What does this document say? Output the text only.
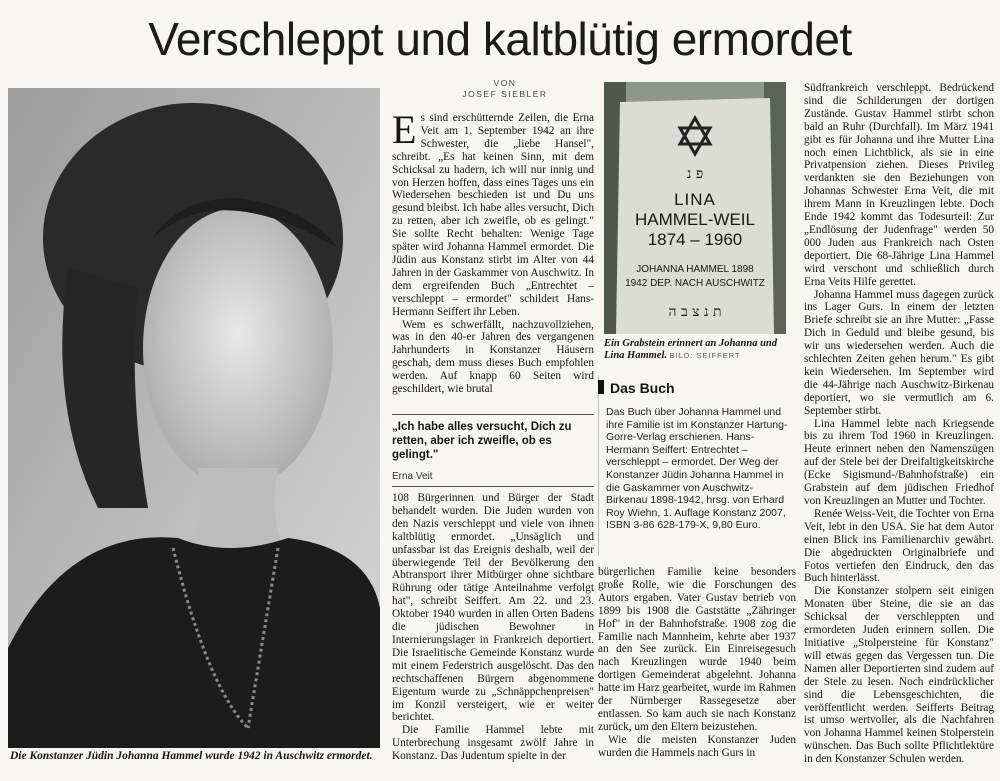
Verschleppt und kaltblütig ermordet
Die Konstanzer Jüdin Johanna Hammel wurde 1942 in Auschwitz ermordet.
VON
JOSEF SIEBLER

Es sind erschütternde Zeilen, die Erna Veit am 1. September 1942 an ihre Schwester, die „liebe Hansel", schreibt. „Es hat keinen Sinn, mit dem Schicksal zu hadern, ich will nur innig und von Herzen hoffen, dass eines Tages uns ein Wiedersehen beschieden ist und Du uns gesund bleibst. Ich habe alles versucht, Dich zu retten, aber ich zweifle, ob es gelingt." Sie sollte Recht behalten: Wenige Tage später wird Johanna Hammel ermordet. Die Jüdin aus Konstanz stirbt im Alter von 44 Jahren in der Gaskammer von Auschwitz. In dem ergreifenden Buch „Entrechtet – verschleppt – ermordet" schildert Hans-Hermann Seiffert ihr Leben.

Wem es schwerfällt, nachzuvollziehen, was in den 40-er Jahren des vergangenen Jahrhunderts in Konstanzer Häusern geschah, dem muss dieses Buch empfohlen werden. Auf knapp 60 Seiten wird geschildert, wie brutal

„Ich habe alles versucht, Dich zu retten, aber ich zweifle, ob es gelingt."
Erna Veit

108 Bürgerinnen und Bürger der Stadt behandelt wurden. Die Juden wurden von den Nazis verschleppt und viele von ihnen kaltblütig ermordet. „Unsäglich und unfassbar ist das Ereignis deshalb, weil der überwiegende Teil der Bevölkerung den Abtransport ihrer Mitbürger ohne sichtbare Rührung oder tätige Anteilnahme verfolgt hat", schreibt Seiffert. Am 22. und 23. Oktober 1940 wurden in allen Orten Badens die jüdischen Bewohner in Internierungslager in Frankreich deportiert. Die Israelitische Gemeinde Konstanz wurde mit einem Federstrich ausgelöscht. Das den rechtschaffenen Bürgern abgenommene Eigentum wurde zu „Schnäppchenpreisen" im Konzil versteigert, wie er weiter berichtet.

Die Familie Hammel lebte mit Unterbrechung insgesamt zwölf Jahre in Konstanz. Das Judentum spielte in der

פ נ
LINA
HAMMEL-WEIL
1874 – 1960
JOHANNA HAMMEL 1898
1942 DEP. NACH AUSCHWITZ
ת נ צ ב ה
Ein Grabstein erinnert an Johanna und Lina Hammel. BILD: SEIFFERT
Das Buch

Das Buch über Johanna Hammel und ihre Familie ist im Konstanzer Hartung-Gorre-Verlag erschienen. Hans-Hermann Seiffert: Entrechtet – verschleppt – ermordet. Der Weg der Konstanzer Jüdin Johanna Hammel in die Gaskammer von Auschwitz-Birkenau 1898-1942, hrsg. von Erhard Roy Wiehn, 1. Auflage Konstanz 2007, ISBN 3-86 628-179-X, 9,80 Euro.

bürgerlichen Familie keine besonders große Rolle, wie die Forschungen des Autors ergaben. Vater Gustav betrieb von 1899 bis 1908 die Gaststätte „Zähringer Hof" in der Bahnhofstraße. 1908 zog die Familie nach Mannheim, kehrte aber 1937 an den See zurück. Ein Einreisegesuch nach Kreuzlingen wurde 1940 beim dortigen Gemeinderat abgelehnt. Johanna hatte im Harz gearbeitet, wurde im Rahmen der Nürnberger Rassegesetze aber entlassen. So kam auch sie nach Konstanz zurück, um den Eltern beizustehen.

Wie die meisten Konstanzer Juden wurden die Hammels nach Gurs in

Südfrankreich verschleppt. Bedrückend sind die Schilderungen der dortigen Zustände. Gustav Hammel stirbt schon bald an Ruhr (Durchfall). Im März 1941 gibt es für Johanna und ihre Mutter Lina noch einen Lichtblick, als sie in eine Privatpension ziehen. Dieses Privileg verdankten sie den Beziehungen von Johannas Schwester Erna Veit, die mit ihrem Mann in Kreuzlingen lebte. Doch Ende 1942 kommt das Todesurteil: Zur „Endlösung der Judenfrage" werden 50 000 Juden aus Frankreich nach Osten deportiert. Die 68-Jährige Lina Hammel wird verschont und schließlich durch Erna Veits Hilfe gerettet.

Johanna Hammel muss dagegen zurück ins Lager Gurs. In einem der letzten Briefe schreibt sie an ihre Mutter: „Fasse Dich in Geduld und bleibe gesund, bis wir uns wiedersehen werden. Auch die schlechten Zeiten gehen herum." Es gibt kein Wiedersehen. Im September wird die 44-Jährige nach Auschwitz-Birkenau deportiert, wo sie vermutlich am 6. September stirbt.

Lina Hammel lebte nach Kriegsende bis zu ihrem Tod 1960 in Kreuzlingen. Heute erinnert neben den Namenszügen auf der Stele bei der Dreifaltigkeitskirche (Ecke Sigismund-/Bahnhofstraße) ein Grabstein auf dem jüdischen Friedhof von Kreuzlingen an Mutter und Tochter.

Renée Weiss-Veit, die Tochter von Erna Veit, lebt in den USA. Sie hat dem Autor einen Blick ins Familienarchiv gewährt. Die abgedruckten Originalbriefe und Fotos vertiefen den Eindruck, den das Buch hinterlässt.

Die Konstanzer stolpern seit einigen Monaten über Steine, die sie an das Schicksal der verschleppten und ermordeten Juden erinnern sollen. Die Initiative „Stolpersteine für Konstanz" will etwas gegen das Vergessen tun. Die Namen aller Deportierten sind zudem auf der Stele zu lesen. Noch eindrücklicher sind die Lebensgeschichten, die veröffentlicht werden. Seifferts Beitrag ist umso wertvoller, als die Nachfahren von Johanna Hammel keinen Stolperstein wünschen. Das Buch sollte Pflichtlektüre in den Konstanzer Schulen werden.
